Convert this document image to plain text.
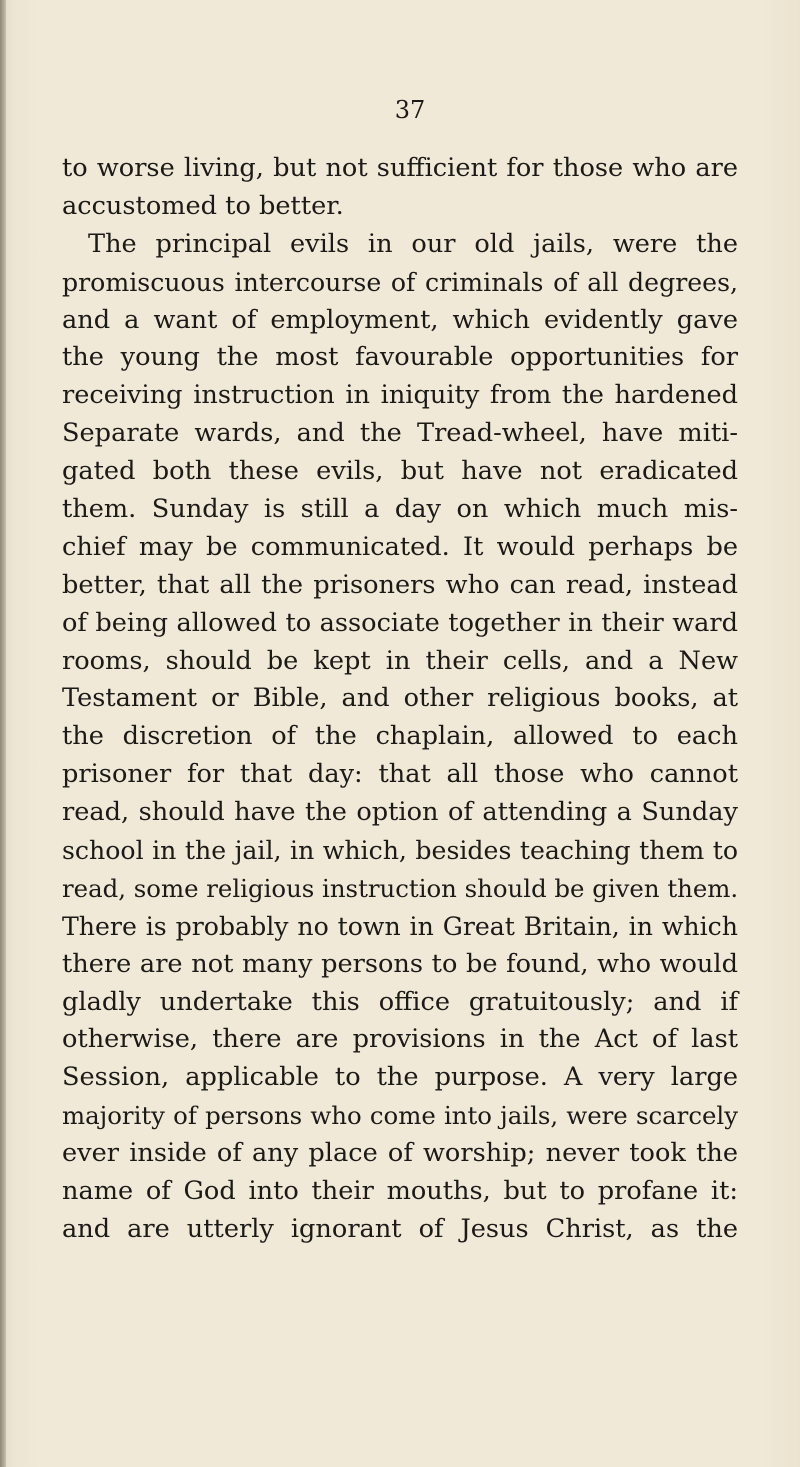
37
to worse living, but not sufficient for those who are
accustomed to better.
The principal evils in our old jails, were the
promiscuous intercourse of criminals of all degrees,
and a want of employment, which evidently gave
the young the most favourable opportunities for
receiving instruction in iniquity from the hardened
Separate wards, and the Tread-wheel, have miti-
gated both these evils, but have not eradicated
them. Sunday is still a day on which much mis-
chief may be communicated. It would perhaps be
better, that all the prisoners who can read, instead
of being allowed to associate together in their ward
rooms, should be kept in their cells, and a New
Testament or Bible, and other religious books, at
the discretion of the chaplain, allowed to each
prisoner for that day: that all those who cannot
read, should have the option of attending a Sunday
school in the jail, in which, besides teaching them to
read, some religious instruction should be given them.
There is probably no town in Great Britain, in which
there are not many persons to be found, who would
gladly undertake this office gratuitously; and if
otherwise, there are provisions in the Act of last
Session, applicable to the purpose. A very large
majority of persons who come into jails, were scarcely
ever inside of any place of worship; never took the
name of God into their mouths, but to profane it:
and are utterly ignorant of Jesus Christ, as the
